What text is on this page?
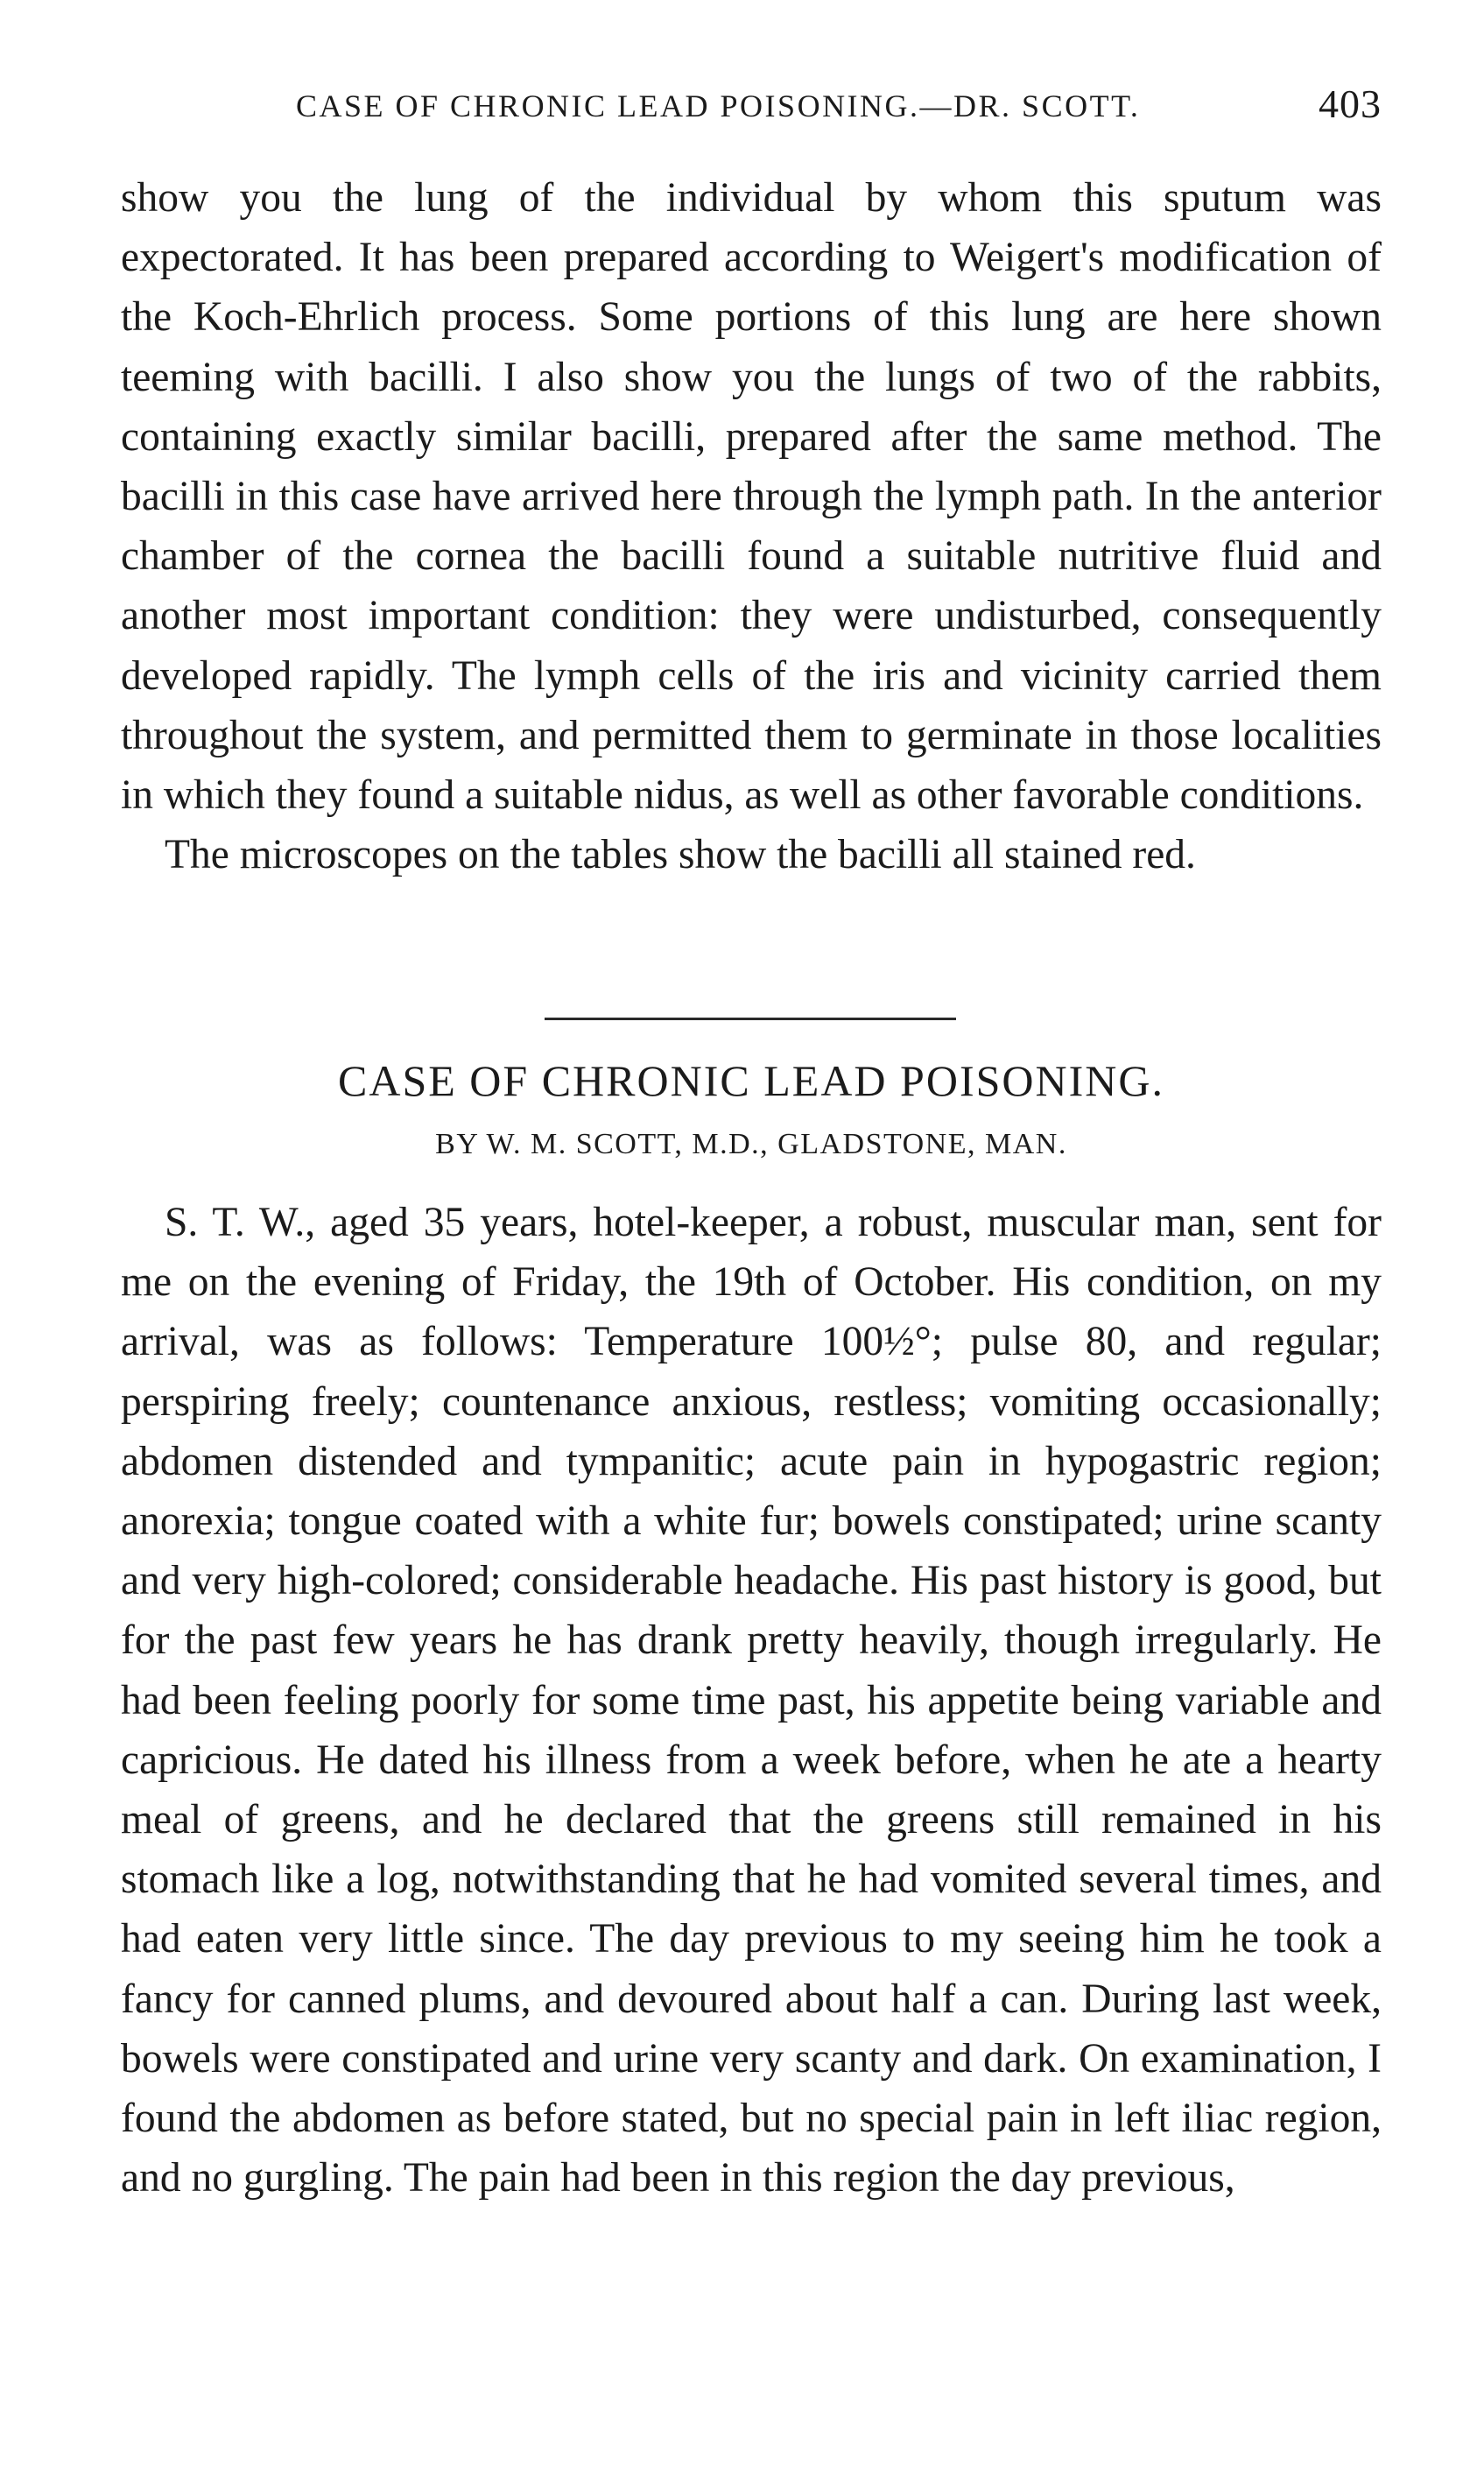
CASE OF CHRONIC LEAD POISONING.—DR. SCOTT.	403

show you the lung of the individual by whom this sputum was expectorated. It has been prepared according to Weigert's modification of the Koch-Ehrlich process. Some portions of this lung are here shown teeming with bacilli. I also show you the lungs of two of the rabbits, containing exactly similar bacilli, prepared after the same method. The bacilli in this case have arrived here through the lymph path. In the anterior chamber of the cornea the bacilli found a suitable nutritive fluid and another most important condition: they were undisturbed, consequently developed rapidly. The lymph cells of the iris and vicinity carried them throughout the system, and permitted them to germinate in those localities in which they found a suitable nidus, as well as other favorable conditions.

The microscopes on the tables show the bacilli all stained red.

CASE OF CHRONIC LEAD POISONING.
BY W. M. SCOTT, M.D., GLADSTONE, MAN.

S. T. W., aged 35 years, hotel-keeper, a robust, muscular man, sent for me on the evening of Friday, the 19th of October. His condition, on my arrival, was as follows: Temperature 100½°; pulse 80, and regular; perspiring freely; countenance anxious, restless; vomiting occasionally; abdomen distended and tympanitic; acute pain in hypogastric region; anorexia; tongue coated with a white fur; bowels constipated; urine scanty and very high-colored; considerable headache. His past history is good, but for the past few years he has drank pretty heavily, though irregularly. He had been feeling poorly for some time past, his appetite being variable and capricious. He dated his illness from a week before, when he ate a hearty meal of greens, and he declared that the greens still remained in his stomach like a log, notwithstanding that he had vomited several times, and had eaten very little since. The day previous to my seeing him he took a fancy for canned plums, and devoured about half a can. During last week, bowels were constipated and urine very scanty and dark. On examination, I found the abdomen as before stated, but no special pain in left iliac region, and no gurgling. The pain had been in this region the day previous,
